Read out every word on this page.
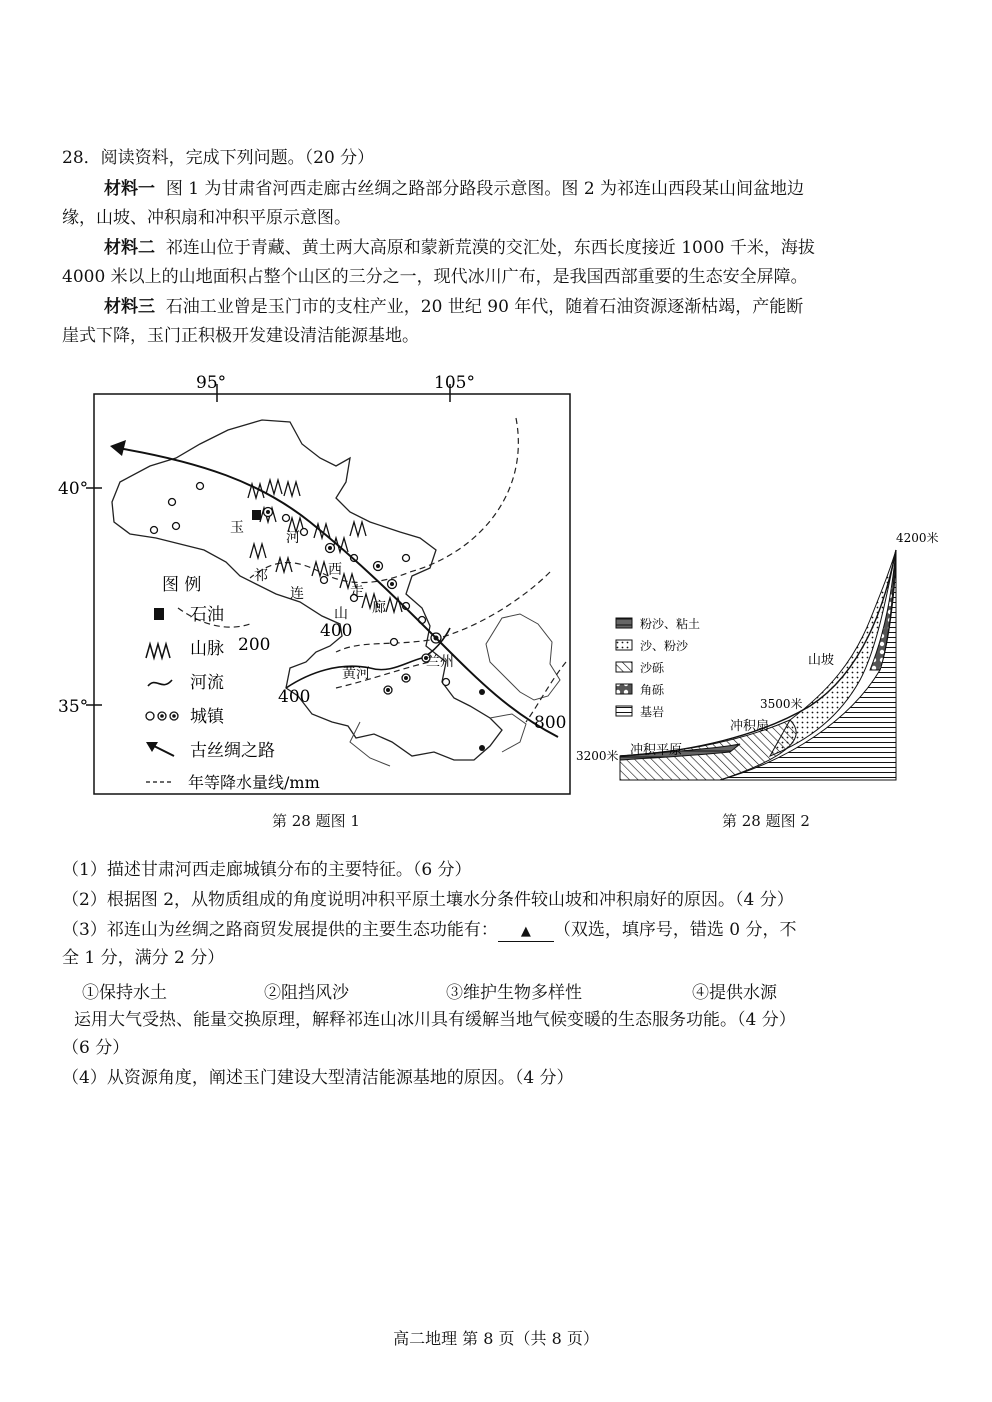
28．阅读资料，完成下列问题。（20 分）
材料一 图 1 为甘肃省河西走廊古丝绸之路部分路段示意图。图 2 为祁连山西段某山间盆地边
缘，山坡、冲积扇和冲积平原示意图。
材料二 祁连山位于青藏、黄土两大高原和蒙新荒漠的交汇处，东西长度接近 1000 千米，海拔
4000 米以上的山地面积占整个山区的三分之一，现代冰川广布，是我国西部重要的生态安全屏障。
材料三 石油工业曾是玉门市的支柱产业，20 世纪 90 年代，随着石油资源逐渐枯竭，产能断
崖式下降，玉门正积极开发建设清洁能源基地。
95°	105°
40°
35°
玉
河
西
走
廊
祁
连
山
兰州
黄河
200
400
400
800
图 例
石油
山脉
河流
城镇
古丝绸之路
年等降水量线/mm
第 28 题图 1
4200米
3500米
3200米
山坡
冲积扇
冲积平原
粉沙、粘土
沙、粉沙
沙砾
角砾
基岩
第 28 题图 2
（1）描述甘肃河西走廊城镇分布的主要特征。（6 分）
（2）根据图 2，从物质组成的角度说明冲积平原土壤水分条件较山坡和冲积扇好的原因。（4 分）
（3）祁连山为丝绸之路商贸发展提供的主要生态功能有： ▲ （双选，填序号，错选 0 分，不
全 1 分，满分 2 分）
①保持水土	②阻挡风沙	③维护生物多样性	④提供水源
运用大气受热、能量交换原理，解释祁连山冰川具有缓解当地气候变暖的生态服务功能。（4 分）
（6 分）
（4）从资源角度，阐述玉门建设大型清洁能源基地的原因。（4 分）
高二地理 第 8 页（共 8 页）
